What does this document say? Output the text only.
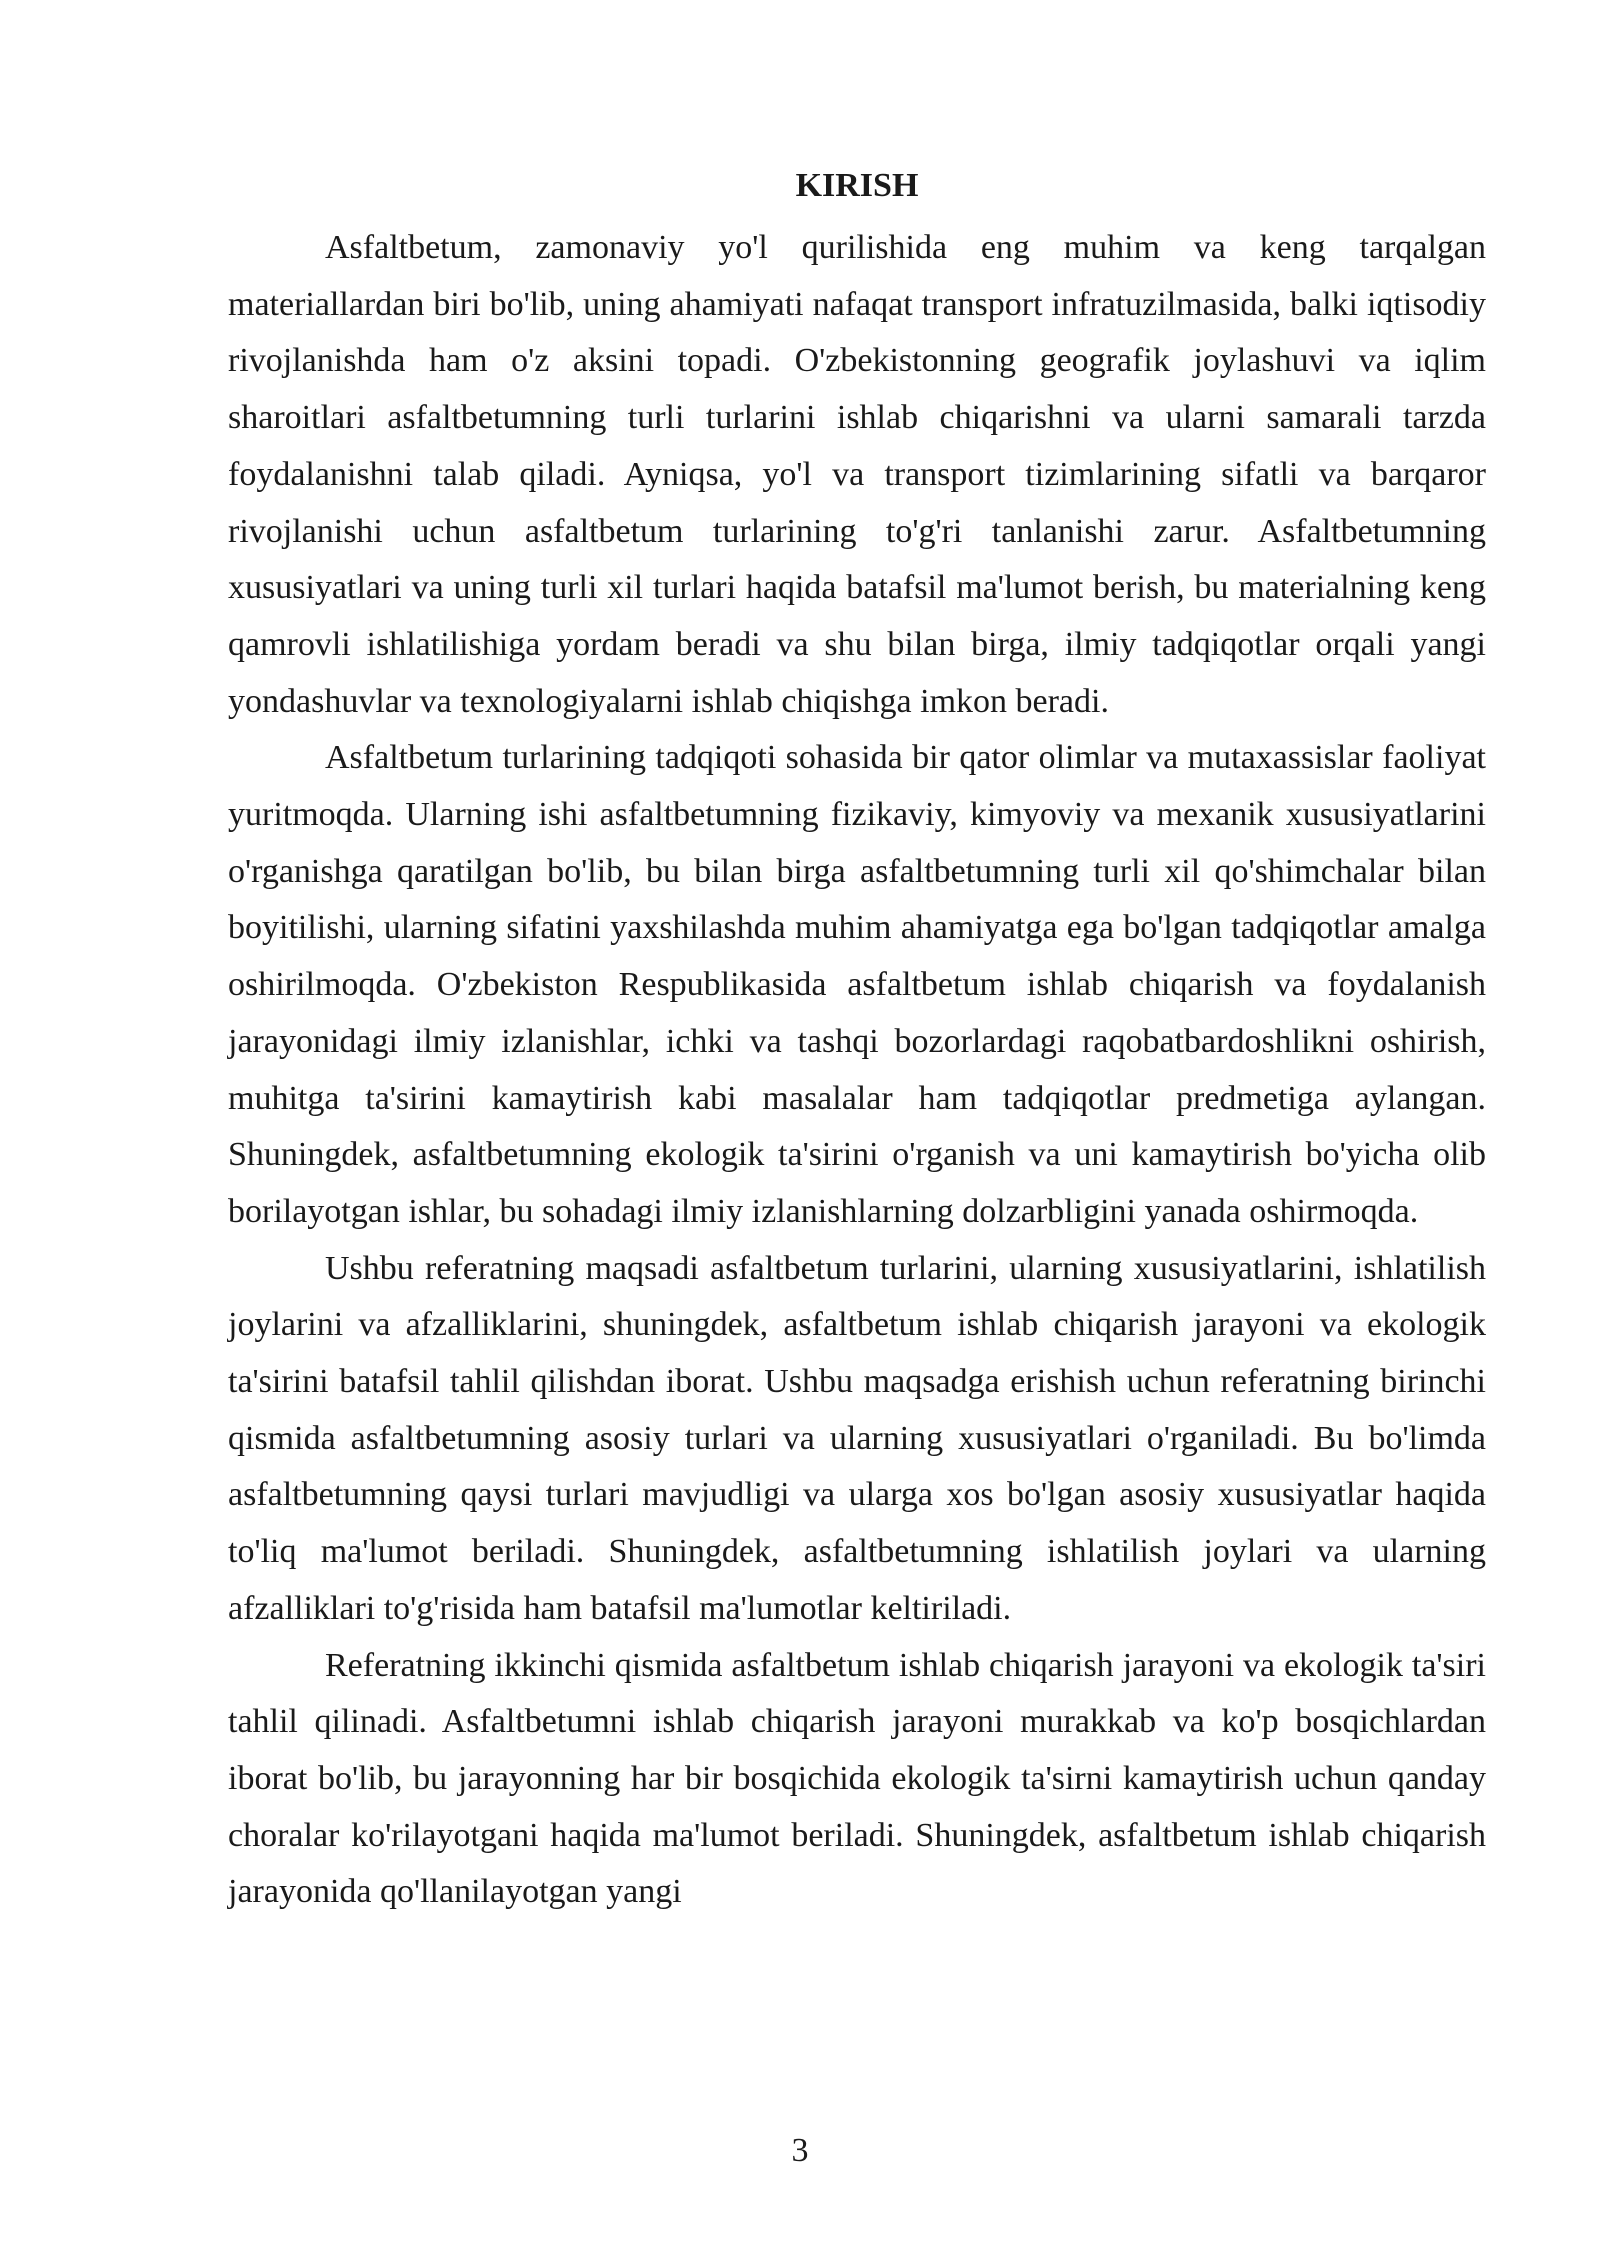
KIRISH

Asfaltbetum, zamonaviy yo'l qurilishida eng muhim va keng tarqalgan materiallardan biri bo'lib, uning ahamiyati nafaqat transport infratuzilmasida, balki iqtisodiy rivojlanishda ham o'z aksini topadi. O'zbekistonning geografik joylashuvi va iqlim sharoitlari asfaltbetumning turli turlarini ishlab chiqarishni va ularni samarali tarzda foydalanishni talab qiladi. Ayniqsa, yo'l va transport tizimlarining sifatli va barqaror rivojlanishi uchun asfaltbetum turlarining to'g'ri tanlanishi zarur. Asfaltbetumning xususiyatlari va uning turli xil turlari haqida batafsil ma'lumot berish, bu materialning keng qamrovli ishlatilishiga yordam beradi va shu bilan birga, ilmiy tadqiqotlar orqali yangi yondashuvlar va texnologiyalarni ishlab chiqishga imkon beradi.

Asfaltbetum turlarining tadqiqoti sohasida bir qator olimlar va mutaxassislar faoliyat yuritmoqda. Ularning ishi asfaltbetumning fizikaviy, kimyoviy va mexanik xususiyatlarini o'rganishga qaratilgan bo'lib, bu bilan birga asfaltbetumning turli xil qo'shimchalar bilan boyitilishi, ularning sifatini yaxshilashda muhim ahamiyatga ega bo'lgan tadqiqotlar amalga oshirilmoqda. O'zbekiston Respublikasida asfaltbetum ishlab chiqarish va foydalanish jarayonidagi ilmiy izlanishlar, ichki va tashqi bozorlardagi raqobatbardoshlikni oshirish, muhitga ta'sirini kamaytirish kabi masalalar ham tadqiqotlar predmetiga aylangan. Shuningdek, asfaltbetumning ekologik ta'sirini o'rganish va uni kamaytirish bo'yicha olib borilayotgan ishlar, bu sohadagi ilmiy izlanishlarning dolzarbligini yanada oshirmoqda.

Ushbu referatning maqsadi asfaltbetum turlarini, ularning xususiyatlarini, ishlatilish joylarini va afzalliklarini, shuningdek, asfaltbetum ishlab chiqarish jarayoni va ekologik ta'sirini batafsil tahlil qilishdan iborat. Ushbu maqsadga erishish uchun referatning birinchi qismida asfaltbetumning asosiy turlari va ularning xususiyatlari o'rganiladi. Bu bo'limda asfaltbetumning qaysi turlari mavjudligi va ularga xos bo'lgan asosiy xususiyatlar haqida to'liq ma'lumot beriladi. Shuningdek, asfaltbetumning ishlatilish joylari va ularning afzalliklari to'g'risida ham batafsil ma'lumotlar keltiriladi.

Referatning ikkinchi qismida asfaltbetum ishlab chiqarish jarayoni va ekologik ta'siri tahlil qilinadi. Asfaltbetumni ishlab chiqarish jarayoni murakkab va ko'p bosqichlardan iborat bo'lib, bu jarayonning har bir bosqichida ekologik ta'sirni kamaytirish uchun qanday choralar ko'rilayotgani haqida ma'lumot beriladi. Shuningdek, asfaltbetum ishlab chiqarish jarayonida qo'llanilayotgan yangi

3
